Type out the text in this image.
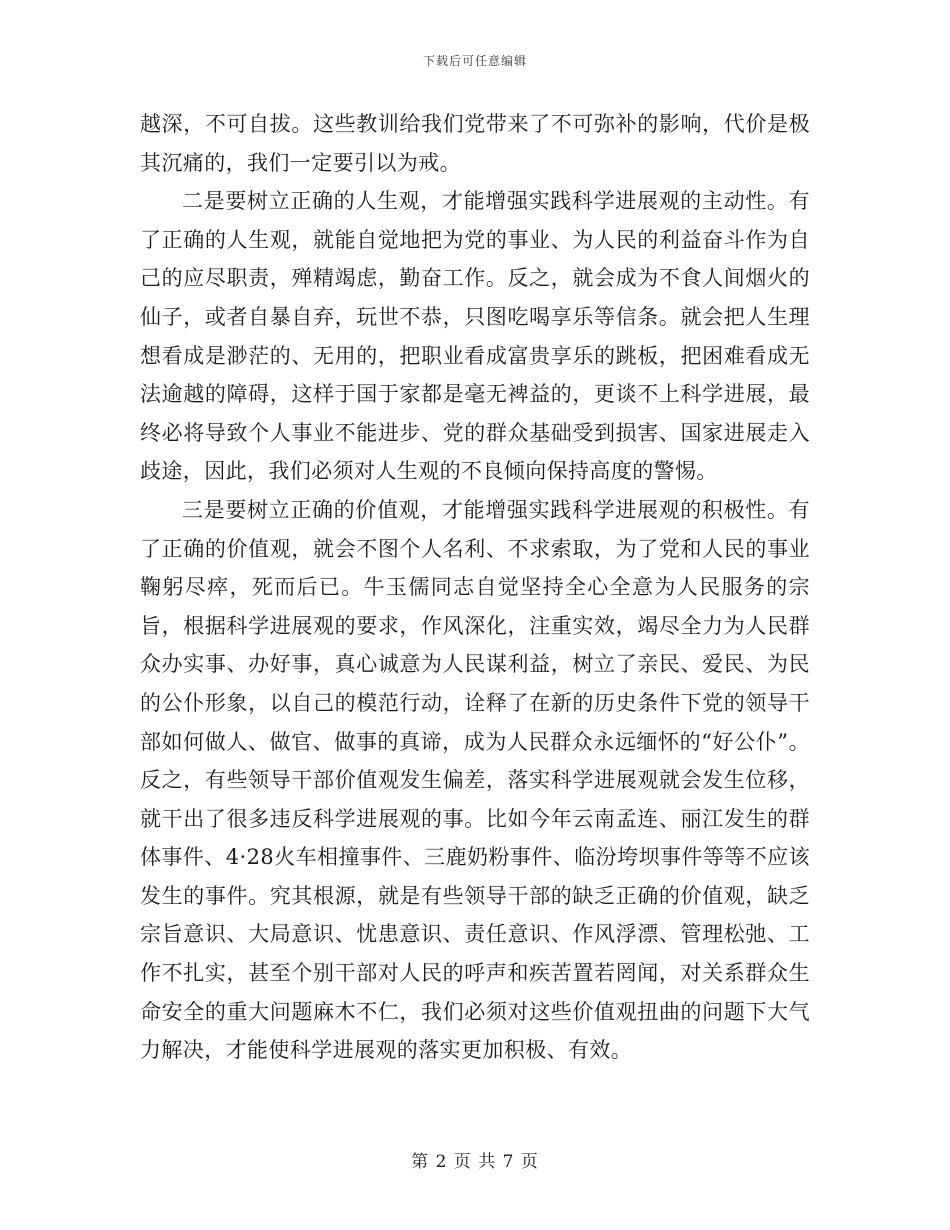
下载后可任意编辑

越深，不可自拔。这些教训给我们党带来了不可弥补的影响，代价是极其沉痛的，我们一定要引以为戒。

二是要树立正确的人生观，才能增强实践科学进展观的主动性。有了正确的人生观，就能自觉地把为党的事业、为人民的利益奋斗作为自己的应尽职责，殚精竭虑，勤奋工作。反之，就会成为不食人间烟火的仙子，或者自暴自弃，玩世不恭，只图吃喝享乐等信条。就会把人生理想看成是渺茫的、无用的，把职业看成富贵享乐的跳板，把困难看成无法逾越的障碍，这样于国于家都是毫无裨益的，更谈不上科学进展，最终必将导致个人事业不能进步、党的群众基础受到损害、国家进展走入歧途，因此，我们必须对人生观的不良倾向保持高度的警惕。

三是要树立正确的价值观，才能增强实践科学进展观的积极性。有了正确的价值观，就会不图个人名利、不求索取，为了党和人民的事业鞠躬尽瘁，死而后已。牛玉儒同志自觉坚持全心全意为人民服务的宗旨，根据科学进展观的要求，作风深化，注重实效，竭尽全力为人民群众办实事、办好事，真心诚意为人民谋利益，树立了亲民、爱民、为民的公仆形象，以自己的模范行动，诠释了在新的历史条件下党的领导干部如何做人、做官、做事的真谛，成为人民群众永远缅怀的“好公仆”。反之，有些领导干部价值观发生偏差，落实科学进展观就会发生位移，就干出了很多违反科学进展观的事。比如今年云南孟连、丽江发生的群体事件、4·28火车相撞事件、三鹿奶粉事件、临汾垮坝事件等等不应该发生的事件。究其根源，就是有些领导干部的缺乏正确的价值观，缺乏宗旨意识、大局意识、忧患意识、责任意识、作风浮漂、管理松弛、工作不扎实，甚至个别干部对人民的呼声和疾苦置若罔闻，对关系群众生命安全的重大问题麻木不仁，我们必须对这些价值观扭曲的问题下大气力解决，才能使科学进展观的落实更加积极、有效。

第 2 页 共 7 页
